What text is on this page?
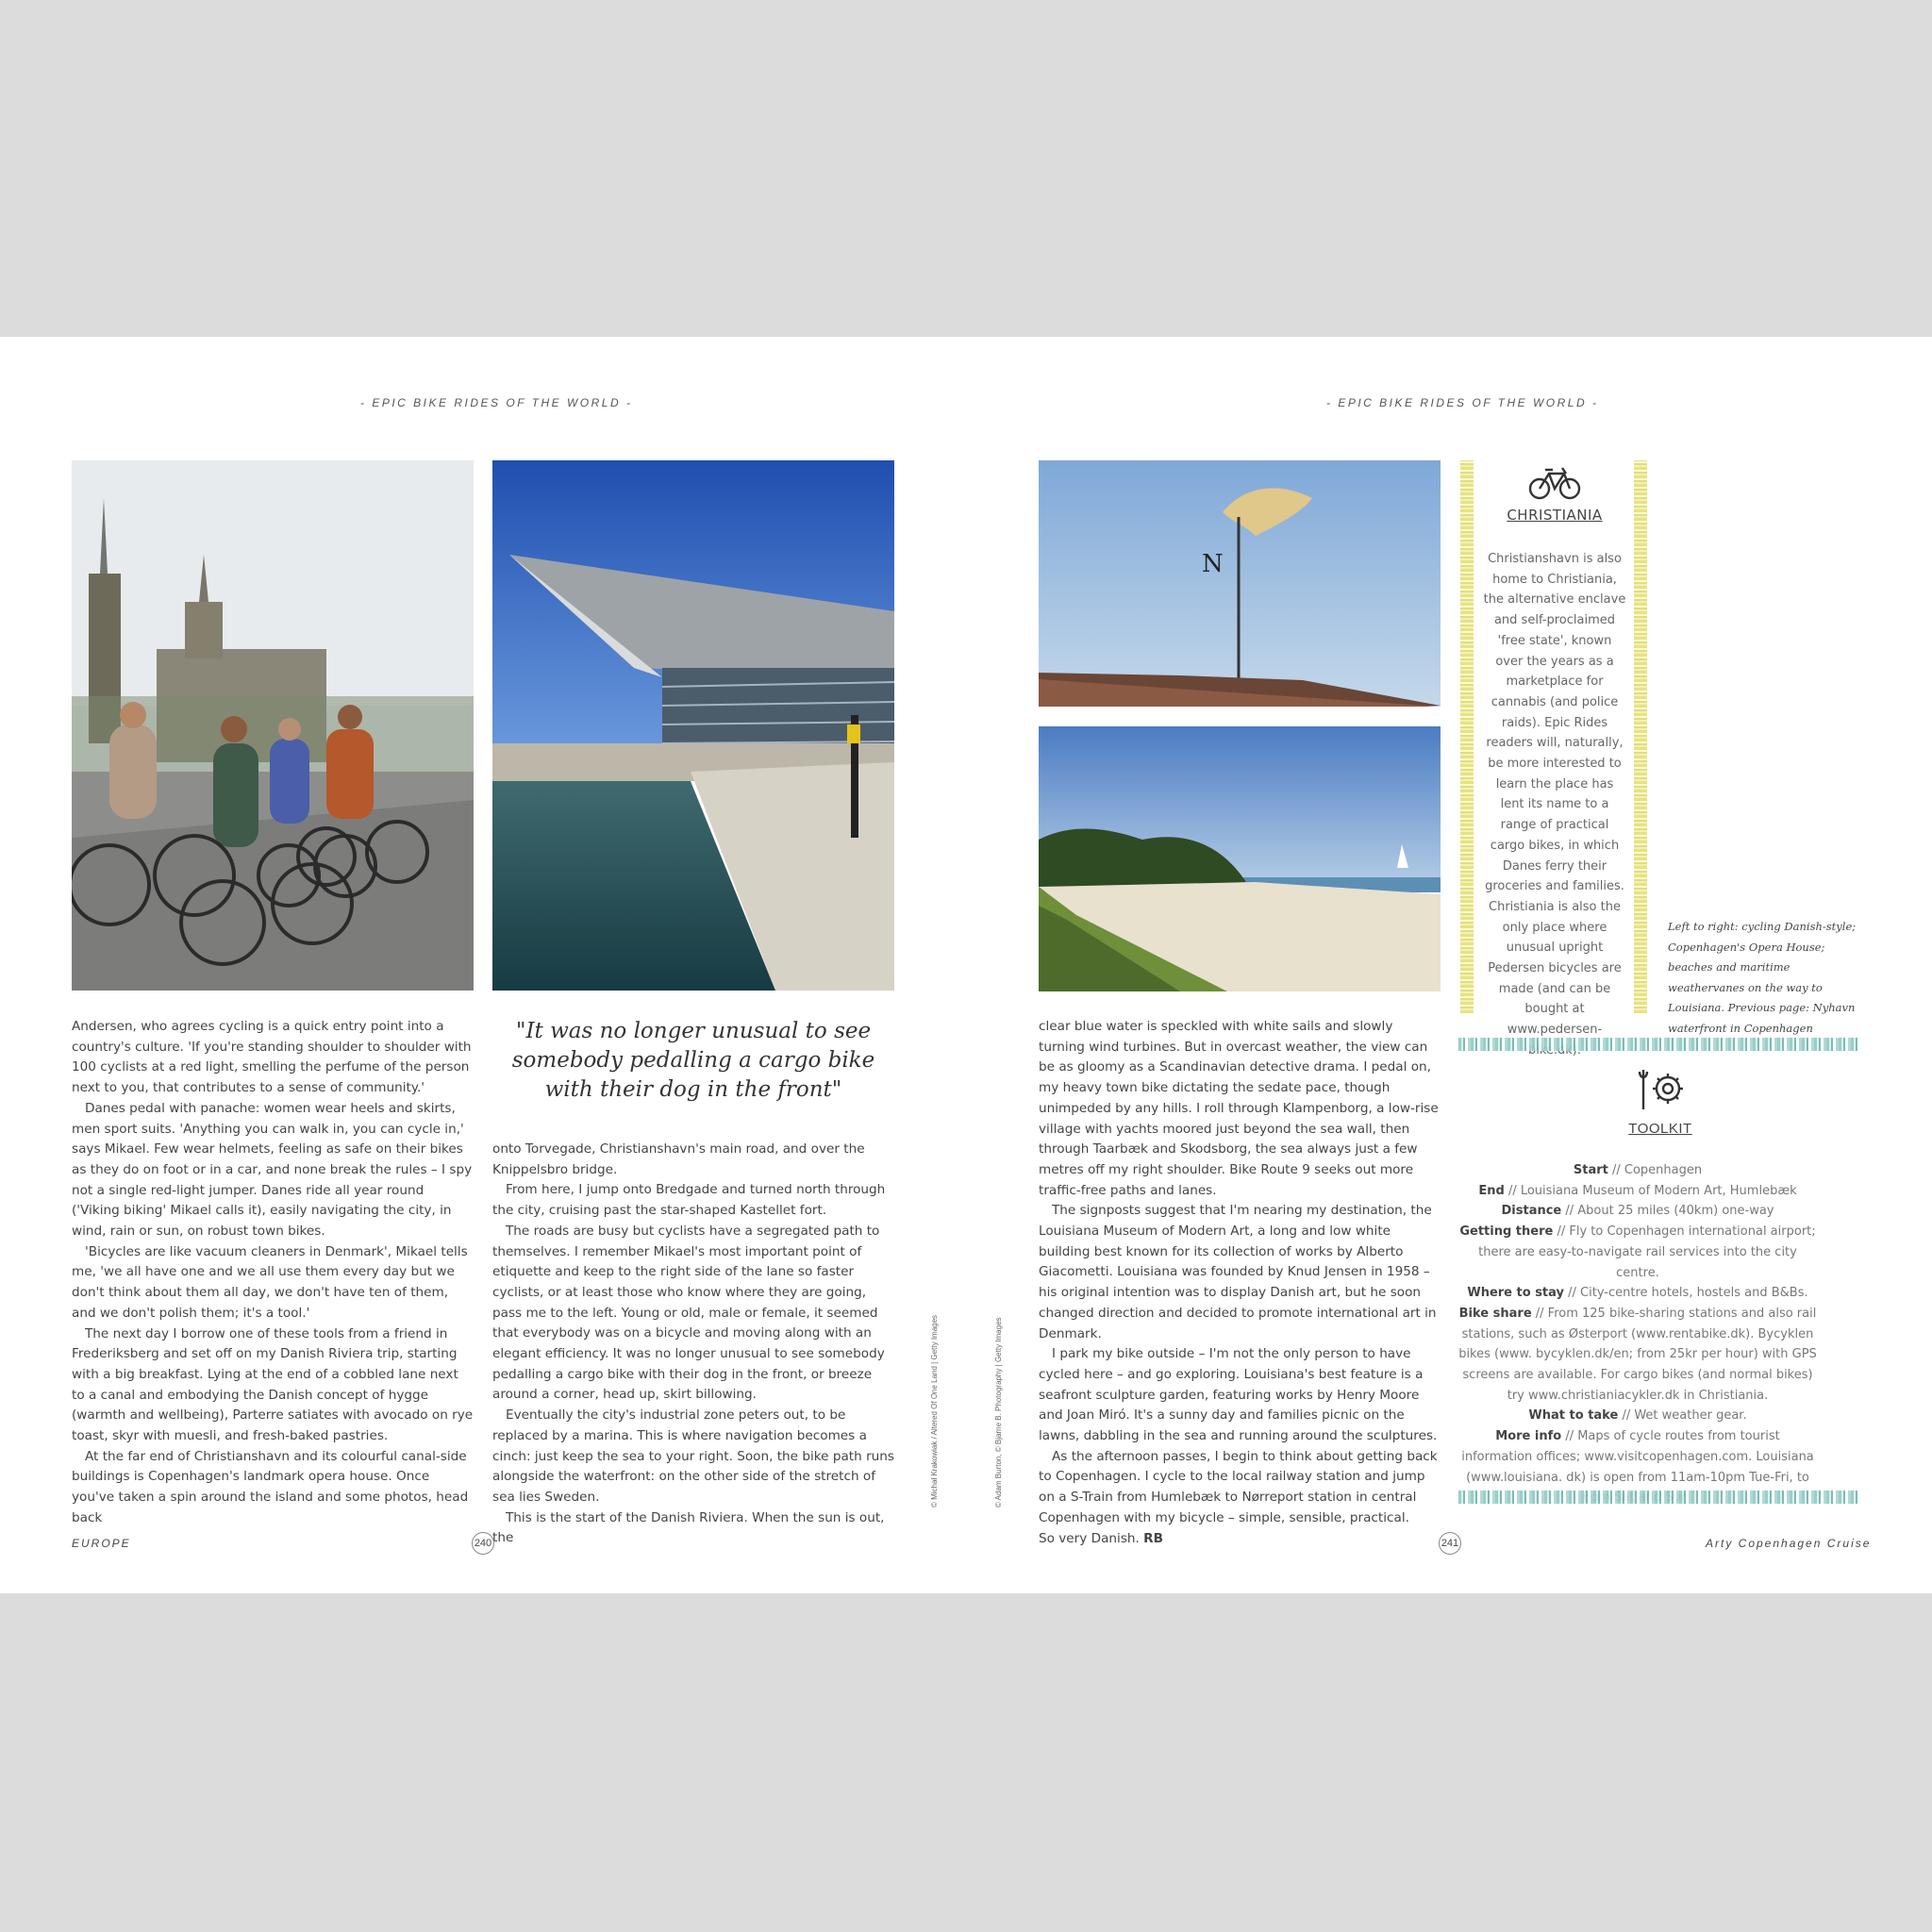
- EPIC BIKE RIDES OF THE WORLD -	- EPIC BIKE RIDES OF THE WORLD -
N

Andersen, who agrees cycling is a quick entry point into a country's culture. 'If you're standing shoulder to shoulder with 100 cyclists at a red light, smelling the perfume of the person next to you, that contributes to a sense of community.'

Danes pedal with panache: women wear heels and skirts, men sport suits. 'Anything you can walk in, you can cycle in,' says Mikael. Few wear helmets, feeling as safe on their bikes as they do on foot or in a car, and none break the rules – I spy not a single red-light jumper. Danes ride all year round ('Viking biking' Mikael calls it), easily navigating the city, in wind, rain or sun, on robust town bikes.

'Bicycles are like vacuum cleaners in Denmark', Mikael tells me, 'we all have one and we all use them every day but we don't think about them all day, we don't have ten of them, and we don't polish them; it's a tool.'

The next day I borrow one of these tools from a friend in Frederiksberg and set off on my Danish Riviera trip, starting with a big breakfast. Lying at the end of a cobbled lane next to a canal and embodying the Danish concept of hygge (warmth and wellbeing), Parterre satiates with avocado on rye toast, skyr with muesli, and fresh-baked pastries.

At the far end of Christianshavn and its colourful canal-side buildings is Copenhagen's landmark opera house. Once you've taken a spin around the island and some photos, head back

"It was no longer unusual to see somebody pedalling a cargo bike with their dog in the front"

onto Torvegade, Christianshavn's main road, and over the Knippelsbro bridge.

From here, I jump onto Bredgade and turned north through the city, cruising past the star-shaped Kastellet fort.

The roads are busy but cyclists have a segregated path to themselves. I remember Mikael's most important point of etiquette and keep to the right side of the lane so faster cyclists, or at least those who know where they are going, pass me to the left. Young or old, male or female, it seemed that everybody was on a bicycle and moving along with an elegant efficiency. It was no longer unusual to see somebody pedalling a cargo bike with their dog in the front, or breeze around a corner, head up, skirt billowing.

Eventually the city's industrial zone peters out, to be replaced by a marina. This is where navigation becomes a cinch: just keep the sea to your right. Soon, the bike path runs alongside the waterfront: on the other side of the stretch of sea lies Sweden.

This is the start of the Danish Riviera. When the sun is out, the

© Michał Krakowiak / Altered Of One Land | Getty Images	© Adam Burton, © Bjarne B. Photography | Getty Images

clear blue water is speckled with white sails and slowly turning wind turbines. But in overcast weather, the view can be as gloomy as a Scandinavian detective drama. I pedal on, my heavy town bike dictating the sedate pace, though unimpeded by any hills. I roll through Klampenborg, a low-rise village with yachts moored just beyond the sea wall, then through Taarbæk and Skodsborg, the sea always just a few metres off my right shoulder. Bike Route 9 seeks out more traffic-free paths and lanes.

The signposts suggest that I'm nearing my destination, the Louisiana Museum of Modern Art, a long and low white building best known for its collection of works by Alberto Giacometti. Louisiana was founded by Knud Jensen in 1958 – his original intention was to display Danish art, but he soon changed direction and decided to promote international art in Denmark.

I park my bike outside – I'm not the only person to have cycled here – and go exploring. Louisiana's best feature is a seafront sculpture garden, featuring works by Henry Moore and Joan Miró. It's a sunny day and families picnic on the lawns, dabbling in the sea and running around the sculptures.

As the afternoon passes, I begin to think about getting back to Copenhagen. I cycle to the local railway station and jump on a S-Train from Humlebæk to Nørreport station in central Copenhagen with my bicycle – simple, sensible, practical.

So very Danish. RB

CHRISTIANIA
Christianshavn is also home to Christiania, the alternative enclave and self-proclaimed 'free state', known over the years as a marketplace for cannabis (and police raids). Epic Rides readers will, naturally, be more interested to learn the place has lent its name to a range of practical cargo bikes, in which Danes ferry their groceries and families. Christiania is also the only place where unusual upright Pedersen bicycles are made (and can be bought at www.pedersen-
Left to right: cycling Danish-style; Copenhagen's Opera House; beaches and maritime weathervanes on the way to Louisiana. Previous page: Nyhavn waterfront in Copenhagen
TOOLKIT
Start // Copenhagen
End // Louisiana Museum of Modern Art, Humlebæk
Distance // About 25 miles (40km) one-way
Getting there // Fly to Copenhagen international airport; there are easy-to-navigate rail services into the city centre.
Where to stay // City-centre hotels, hostels and B&Bs.
Bike share // From 125 bike-sharing stations and also rail stations, such as Østerport (www.rentabike.dk). Bycyklen bikes (www. bycyklen.dk/en; from 25kr per hour) with GPS screens are available. For cargo bikes (and normal bikes) try www.christianiacykler.dk in Christiania.
What to take // Wet weather gear.
More info // Maps of cycle routes from tourist information offices; www.visitcopenhagen.com. Louisiana (www.louisiana. dk) is open from 11am-10pm Tue-Fri, to
EUROPE	240	241	Arty Copenhagen Cruise
